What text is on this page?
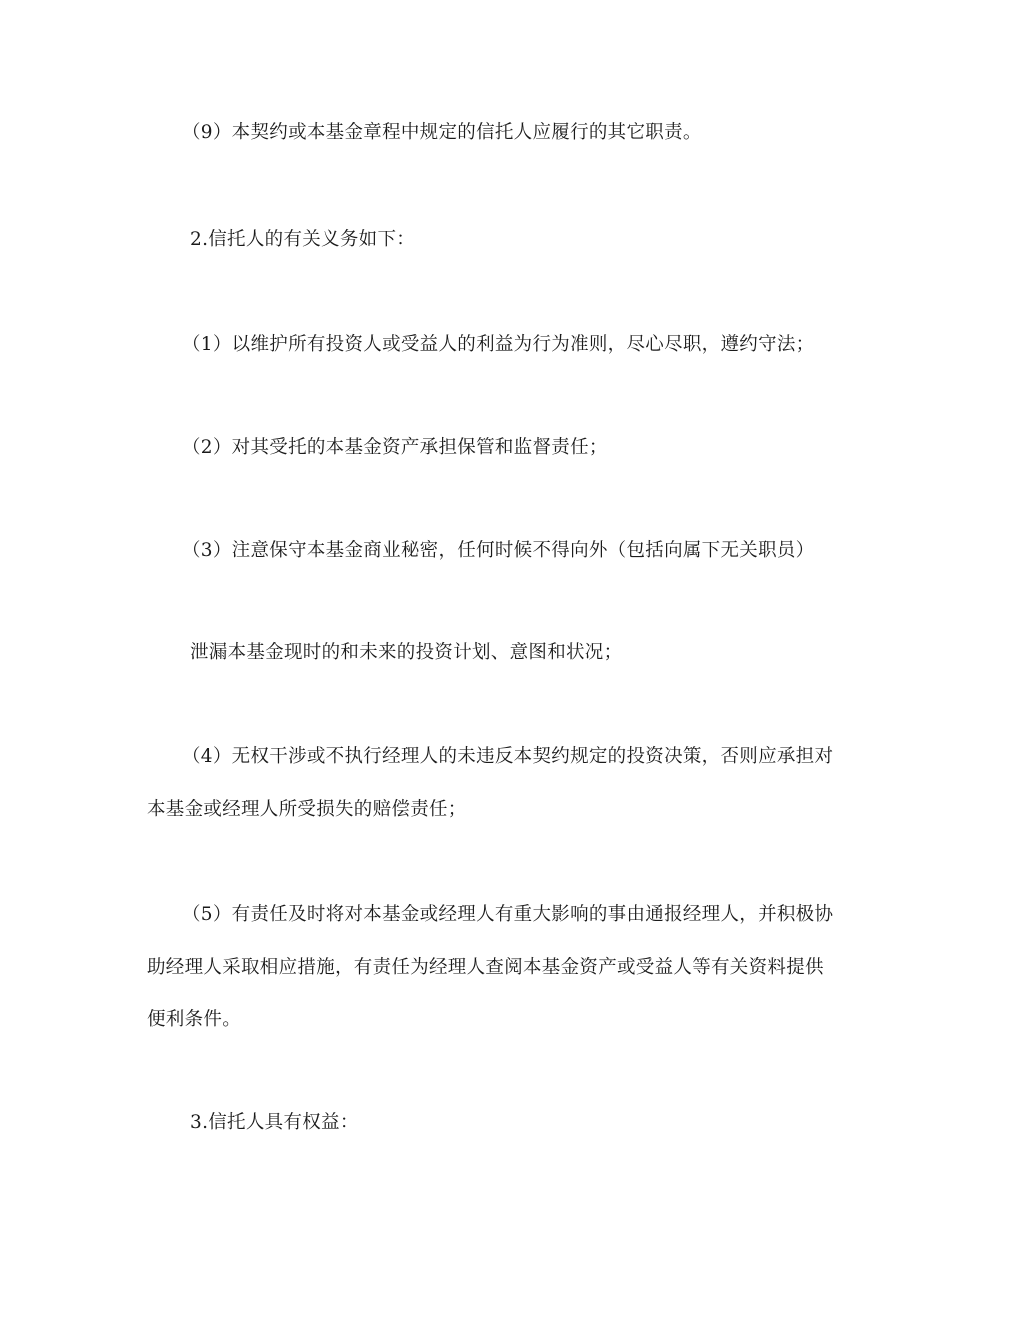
（9）本契约或本基金章程中规定的信托人应履行的其它职责。
2.信托人的有关义务如下：
（1）以维护所有投资人或受益人的利益为行为准则，尽心尽职，遵约守法；
（2）对其受托的本基金资产承担保管和监督责任；
（3）注意保守本基金商业秘密，任何时候不得向外（包括向属下无关职员）
泄漏本基金现时的和未来的投资计划、意图和状况；
（4）无权干涉或不执行经理人的未违反本契约规定的投资决策，否则应承担对
本基金或经理人所受损失的赔偿责任；
（5）有责任及时将对本基金或经理人有重大影响的事由通报经理人，并积极协
助经理人采取相应措施，有责任为经理人查阅本基金资产或受益人等有关资料提供
便利条件。
3.信托人具有权益：
